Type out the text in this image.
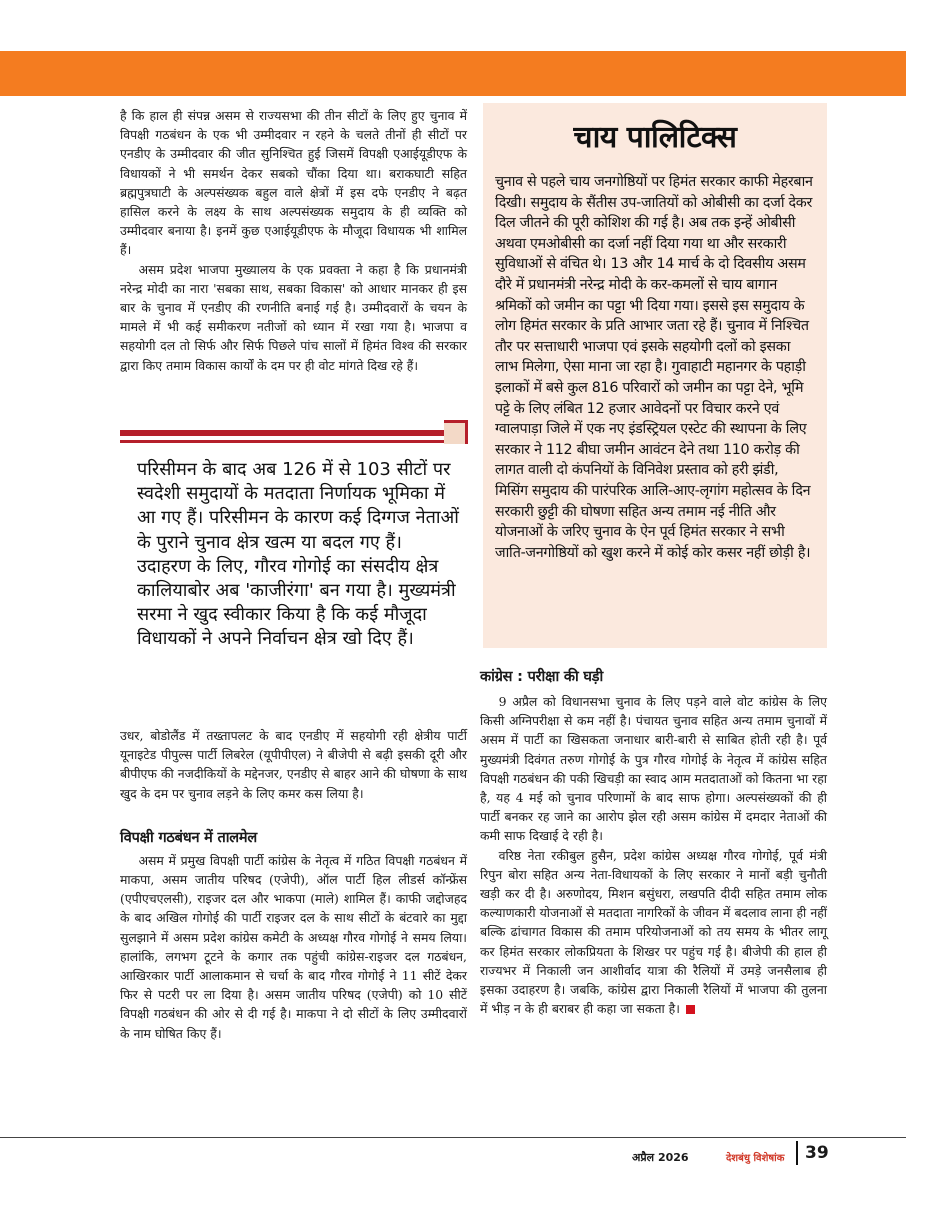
है कि हाल ही संपन्न असम से राज्यसभा की तीन सीटों के लिए हुए चुनाव में विपक्षी गठबंधन के एक भी उम्मीदवार न रहने के चलते तीनों ही सीटों पर एनडीए के उम्मीदवार की जीत सुनिश्चित हुई जिसमें विपक्षी एआईयूडीएफ के विधायकों ने भी समर्थन देकर सबको चौंका दिया था। बराकघाटी सहित ब्रह्मपुत्रघाटी के अल्पसंख्यक बहुल वाले क्षेत्रों में इस दफे एनडीए ने बढ़त हासिल करने के लक्ष्य के साथ अल्पसंख्यक समुदाय के ही व्यक्ति को उम्मीदवार बनाया है। इनमें कुछ एआईयूडीएफ के मौजूदा विधायक भी शामिल हैं।

असम प्रदेश भाजपा मुख्यालय के एक प्रवक्ता ने कहा है कि प्रधानमंत्री नरेन्द्र मोदी का नारा 'सबका साथ, सबका विकास' को आधार मानकर ही इस बार के चुनाव में एनडीए की रणनीति बनाई गई है। उम्मीदवारों के चयन के मामले में भी कई समीकरण नतीजों को ध्यान में रखा गया है। भाजपा व सहयोगी दल तो सिर्फ और सिर्फ पिछले पांच सालों में हिमंत विश्व की सरकार द्वारा किए तमाम विकास कार्यों के दम पर ही वोट मांगते दिख रहे हैं।

परिसीमन के बाद अब 126 में से 103 सीटों पर स्वदेशी समुदायों के मतदाता निर्णायक भूमिका में आ गए हैं। परिसीमन के कारण कई दिग्गज नेताओं के पुराने चुनाव क्षेत्र खत्म या बदल गए हैं। उदाहरण के लिए, गौरव गोगोई का संसदीय क्षेत्र कालियाबोर अब 'काजीरंगा' बन गया है। मुख्यमंत्री सरमा ने खुद स्वीकार किया है कि कई मौजूदा विधायकों ने अपने निर्वाचन क्षेत्र खो दिए हैं।

उधर, बोडोलैंड में तख्तापलट के बाद एनडीए में सहयोगी रही क्षेत्रीय पार्टी यूनाइटेड पीपुल्स पार्टी लिबरेल (यूपीपीएल) ने बीजेपी से बढ़ी इसकी दूरी और बीपीएफ की नजदीकियों के मद्देनजर, एनडीए से बाहर आने की घोषणा के साथ खुद के दम पर चुनाव लड़ने के लिए कमर कस लिया है।

विपक्षी गठबंधन में तालमेल

असम में प्रमुख विपक्षी पार्टी कांग्रेस के नेतृत्व में गठित विपक्षी गठबंधन में माकपा, असम जातीय परिषद (एजेपी), ऑल पार्टी हिल लीडर्स कॉन्फ्रेंस (एपीएचएलसी), राइजर दल और भाकपा (माले) शामिल हैं। काफी जद्दोजहद के बाद अखिल गोगोई की पार्टी राइजर दल के साथ सीटों के बंटवारे का मुद्दा सुलझाने में असम प्रदेश कांग्रेस कमेटी के अध्यक्ष गौरव गोगोई ने समय लिया। हालांकि, लगभग टूटने के कगार तक पहुंची कांग्रेस-राइजर दल गठबंधन, आखिरकार पार्टी आलाकमान से चर्चा के बाद गौरव गोगोई ने 11 सीटें देकर फिर से पटरी पर ला दिया है। असम जातीय परिषद (एजेपी) को 10 सीटें विपक्षी गठबंधन की ओर से दी गई है। माकपा ने दो सीटों के लिए उम्मीदवारों के नाम घोषित किए हैं।

चाय पालिटिक्स

चुनाव से पहले चाय जनगोष्ठियों पर हिमंत सरकार काफी मेहरबान दिखी। समुदाय के सैंतीस उप-जातियों को ओबीसी का दर्जा देकर दिल जीतने की पूरी कोशिश की गई है। अब तक इन्हें ओबीसी अथवा एमओबीसी का दर्जा नहीं दिया गया था और सरकारी सुविधाओं से वंचित थे। 13 और 14 मार्च के दो दिवसीय असम दौरे में प्रधानमंत्री नरेन्द्र मोदी के कर-कमलों से चाय बागान श्रमिकों को जमीन का पट्टा भी दिया गया। इससे इस समुदाय के लोग हिमंत सरकार के प्रति आभार जता रहे हैं। चुनाव में निश्चित तौर पर सत्ताधारी भाजपा एवं इसके सहयोगी दलों को इसका लाभ मिलेगा, ऐसा माना जा रहा है। गुवाहाटी महानगर के पहाड़ी इलाकों में बसे कुल 816 परिवारों को जमीन का पट्टा देने, भूमि पट्टे के लिए लंबित 12 हजार आवेदनों पर विचार करने एवं ग्वालपाड़ा जिले में एक नए इंडस्ट्रियल एस्टेट की स्थापना के लिए सरकार ने 112 बीघा जमीन आवंटन देने तथा 110 करोड़ की लागत वाली दो कंपनियों के विनिवेश प्रस्ताव को हरी झंडी, मिसिंग समुदाय की पारंपरिक आलि-आए-लृगांग महोत्सव के दिन सरकारी छुट्टी की घोषणा सहित अन्य तमाम नई नीति और योजनाओं के जरिए चुनाव के ऐन पूर्व हिमंत सरकार ने सभी जाति-जनगोष्ठियों को खुश करने में कोई कोर कसर नहीं छोड़ी है।

कांग्रेस : परीक्षा की घड़ी

9 अप्रैल को विधानसभा चुनाव के लिए पड़ने वाले वोट कांग्रेस के लिए किसी अग्निपरीक्षा से कम नहीं है। पंचायत चुनाव सहित अन्य तमाम चुनावों में असम में पार्टी का खिसकता जनाधार बारी-बारी से साबित होती रही है। पूर्व मुख्यमंत्री दिवंगत तरुण गोगोई के पुत्र गौरव गोगोई के नेतृत्व में कांग्रेस सहित विपक्षी गठबंधन की पकी खिचड़ी का स्वाद आम मतदाताओं को कितना भा रहा है, यह 4 मई को चुनाव परिणामों के बाद साफ होगा। अल्पसंख्यकों की ही पार्टी बनकर रह जाने का आरोप झेल रही असम कांग्रेस में दमदार नेताओं की कमी साफ दिखाई दे रही है।

वरिष्ठ नेता रकीबुल हुसैन, प्रदेश कांग्रेस अध्यक्ष गौरव गोगोई, पूर्व मंत्री रिपुन बोरा सहित अन्य नेता-विधायकों के लिए सरकार ने मानों बड़ी चुनौती खड़ी कर दी है। अरुणोदय, मिशन बसुंधरा, लखपति दीदी सहित तमाम लोक कल्याणकारी योजनाओं से मतदाता नागरिकों के जीवन में बदलाव लाना ही नहीं बल्कि ढांचागत विकास की तमाम परियोजनाओं को तय समय के भीतर लागू कर हिमंत सरकार लोकप्रियता के शिखर पर पहुंच गई है। बीजेपी की हाल ही राज्यभर में निकाली जन आशीर्वाद यात्रा की रैलियों में उमड़े जनसैलाब ही इसका उदाहरण है। जबकि, कांग्रेस द्वारा निकाली रैलियों में भाजपा की तुलना में भीड़ न के ही बराबर ही कहा जा सकता है।

अप्रैल 2026	देशबंधु विशेषांक	39
